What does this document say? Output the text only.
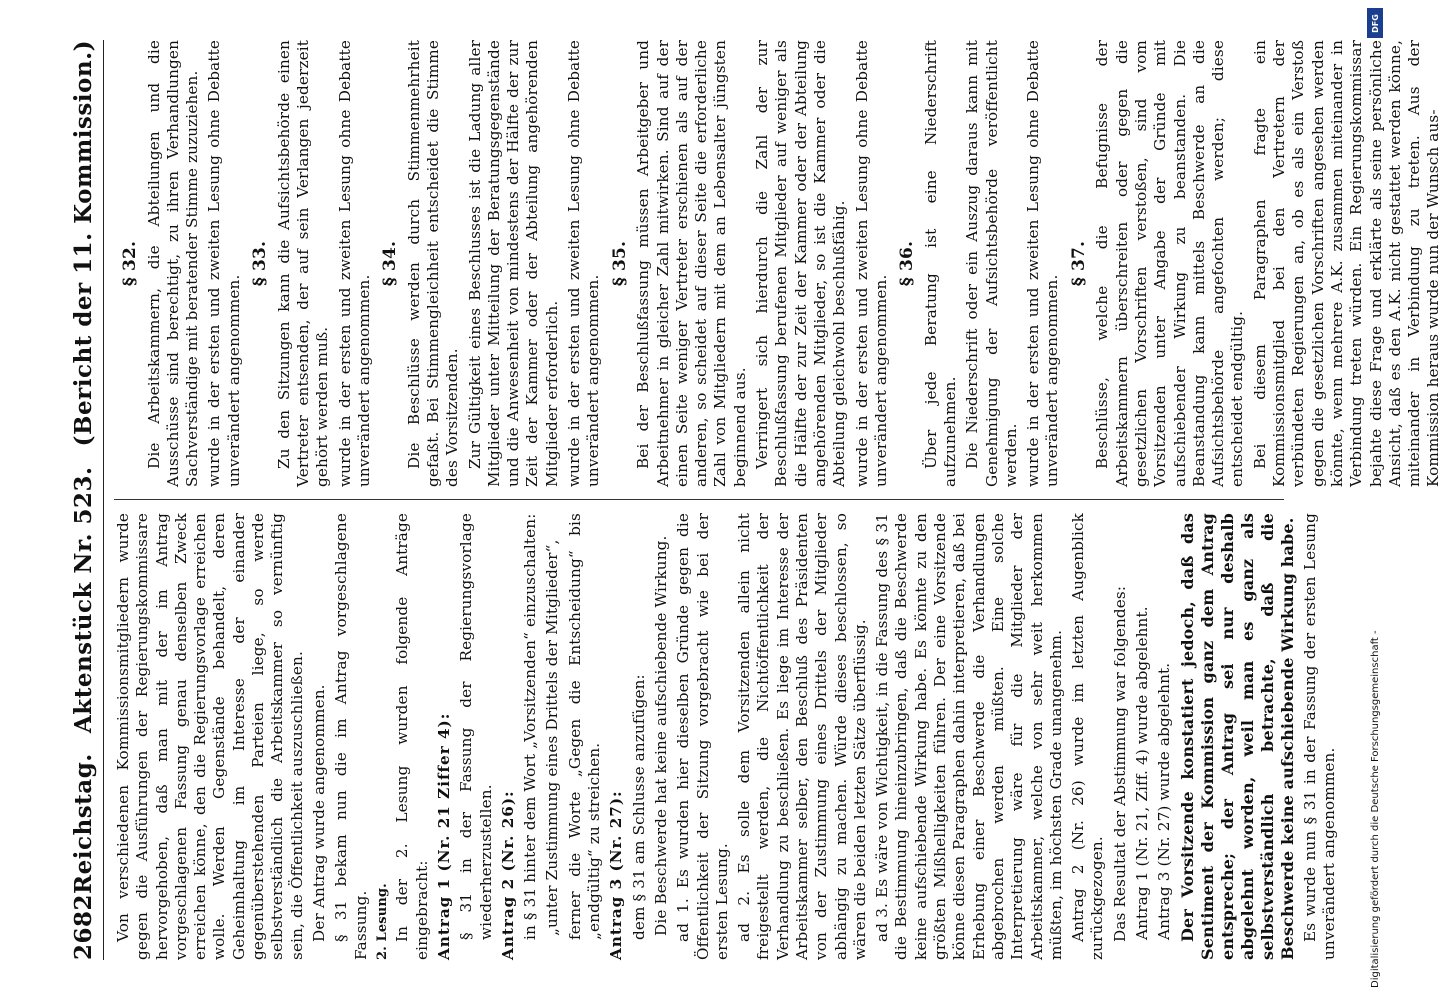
2682
Reichstag.
Aktenstück Nr. 523.
(Bericht der 11. Kommission.)

Von verschiedenen Kommissionsmitgliedern wurde gegen die Ausführungen der Regierungskommissare hervorgehoben, daß man mit der im Antrag vorgeschlagenen Fassung genau denselben Zweck erreichen könne, den die Regierungsvorlage erreichen wolle. Werden Gegenstände behandelt, deren Geheimhaltung im Interesse der einander gegenüberstehenden Parteien liege, so werde selbstverständlich die Arbeitskammer so vernünftig sein, die Öffentlichkeit auszuschließen. Der Antrag wurde angenommen. § 31 bekam nun die im Antrag vorgeschlagene Fassung. 2. Lesung. In der 2. Lesung wurden folgende Anträge eingebracht: Antrag 1 (Nr. 21 Ziffer 4): § 31 in der Fassung der Regierungsvorlage wiederherzustellen. Antrag 2 (Nr. 26): in § 31 hinter dem Wort „Vorsitzenden“ einzuschalten: „unter Zustimmung eines Drittels der Mitglieder“, ferner die Worte „Gegen die Entscheidung“ bis „endgültig“ zu streichen. Antrag 3 (Nr. 27): dem § 31 am Schlusse anzufügen: Die Beschwerde hat keine aufschiebende Wirkung. ad 1. Es wurden hier dieselben Gründe gegen die Öffentlichkeit der Sitzung vorgebracht wie bei der ersten Lesung. ad 2. Es solle dem Vorsitzenden allein nicht freigestellt werden, die Nichtöffentlichkeit der Verhandlung zu beschließen. Es liege im Interesse der Arbeitskammer selber, den Beschluß des Präsidenten von der Zustimmung eines Drittels der Mitglieder abhängig zu machen. Würde dieses beschlossen, so wären die beiden letzten Sätze überflüssig. ad 3. Es wäre von Wichtigkeit, in die Fassung des § 31 die Bestimmung hineinzubringen, daß die Beschwerde keine aufschiebende Wirkung habe. Es könnte zu den größten Mißhelligkeiten führen. Der eine Vorsitzende könne diesen Paragraphen dahin interpretieren, daß bei Erhebung einer Beschwerde die Verhandlungen abgebrochen werden müßten. Eine solche Interpretierung wäre für die Mitglieder der Arbeitskammer, welche von sehr weit herkommen müßten, im höchsten Grade unangenehm. Antrag 2 (Nr. 26) wurde im letzten Augenblick zurückgezogen. Das Resultat der Abstimmung war folgendes: Antrag 1 (Nr. 21, Ziff. 4) wurde abgelehnt. Antrag 3 (Nr. 27) wurde abgelehnt. Der Vorsitzende konstatiert jedoch, daß das Sentiment der Kommission ganz dem Antrag entspreche; der Antrag sei nur deshalb abgelehnt worden, weil man es ganz als selbstverständlich betrachte, daß die Beschwerde keine aufschiebende Wirkung habe. Es wurde nun § 31 in der Fassung der ersten Lesung unverändert angenommen.

§ 32. Die Arbeitskammern, die Abteilungen und die Ausschüsse sind berechtigt, zu ihren Verhandlungen Sachverständige mit beratender Stimme zuzuziehen. wurde in der ersten und zweiten Lesung ohne Debatte unverändert angenommen.

§ 33. Zu den Sitzungen kann die Aufsichtsbehörde einen Vertreter entsenden, der auf sein Verlangen jederzeit gehört werden muß. wurde in der ersten und zweiten Lesung ohne Debatte unverändert angenommen.

§ 34. Die Beschlüsse werden durch Stimmenmehrheit gefaßt. Bei Stimmengleichheit entscheidet die Stimme des Vorsitzenden. Zur Gültigkeit eines Beschlusses ist die Ladung aller Mitglieder unter Mitteilung der Beratungsgegenstände und die Anwesenheit von mindestens der Hälfte der zur Zeit der Kammer oder der Abteilung angehörenden Mitglieder erforderlich. wurde in der ersten und zweiten Lesung ohne Debatte unverändert angenommen.

§ 35. Bei der Beschlußfassung müssen Arbeitgeber und Arbeitnehmer in gleicher Zahl mitwirken. Sind auf der einen Seite weniger Vertreter erschienen als auf der anderen, so scheidet auf dieser Seite die erforderliche Zahl von Mitgliedern mit dem an Lebensalter jüngsten beginnend aus. Verringert sich hierdurch die Zahl der zur Beschlußfassung berufenen Mitglieder auf weniger als die Hälfte der zur Zeit der Kammer oder der Abteilung angehörenden Mitglieder, so ist die Kammer oder die Abteilung gleichwohl beschlußfähig. wurde in der ersten und zweiten Lesung ohne Debatte unverändert angenommen.

§ 36. Über jede Beratung ist eine Niederschrift aufzunehmen. Die Niederschrift oder ein Auszug daraus kann mit Genehmigung der Aufsichtsbehörde veröffentlicht werden. wurde in der ersten und zweiten Lesung ohne Debatte unverändert angenommen.

§ 37. Beschlüsse, welche die Befugnisse der Arbeitskammern überschreiten oder gegen die gesetzlichen Vorschriften verstoßen, sind vom Vorsitzenden unter Angabe der Gründe mit aufschiebender Wirkung zu beanstanden. Die Beanstandung kann mittels Beschwerde an die Aufsichtsbehörde angefochten werden; diese entscheidet endgültig. Bei diesem Paragraphen fragte ein Kommissionsmitglied bei den Vertretern der verbündeten Regierungen an, ob es als ein Verstoß gegen die gesetzlichen Vorschriften angesehen werden könnte, wenn mehrere A.K. zusammen miteinander in Verbindung treten würden. Ein Regierungskommissar bejahte diese Frage und erklärte als seine persönliche Ansicht, daß es den A.K. nicht gestattet werden könne, miteinander in Verbindung zu treten. Aus der Kommission heraus wurde nun der Wunsch aus-

DFG
Digitalisierung gefördert durch die Deutsche Forschungsgemeinschaft -
